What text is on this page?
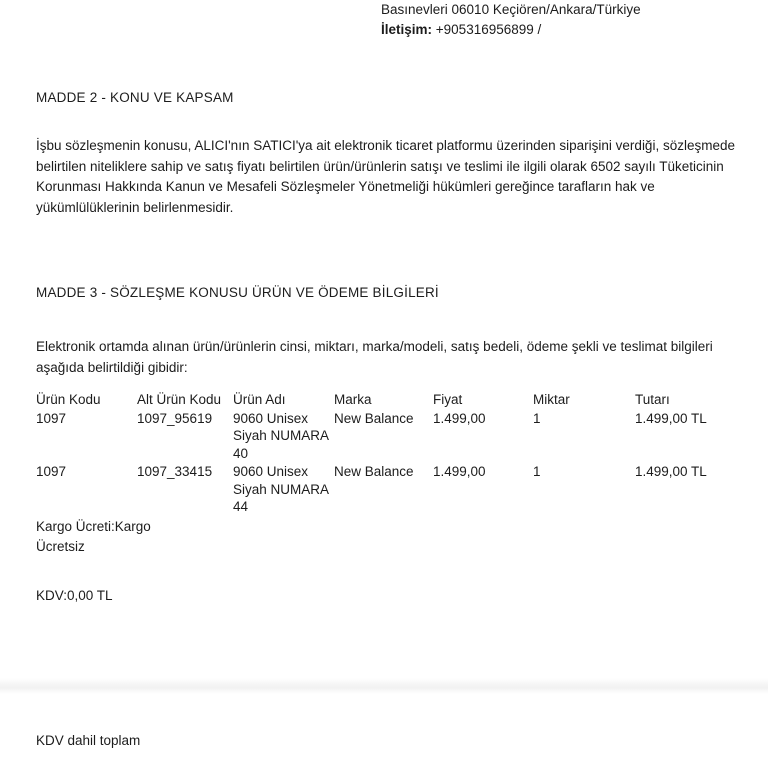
Basınevleri 06010 Keçiören/Ankara/Türkiye
İletişim: +905316956899 /
MADDE 2 - KONU VE KAPSAM
İşbu sözleşmenin konusu, ALICI'nın SATICI'ya ait elektronik ticaret platformu üzerinden siparişini verdiği, sözleşmede belirtilen niteliklere sahip ve satış fiyatı belirtilen ürün/ürünlerin satışı ve teslimi ile ilgili olarak 6502 sayılı Tüketicinin Korunması Hakkında Kanun ve Mesafeli Sözleşmeler Yönetmeliği hükümleri gereğince tarafların hak ve yükümlülüklerinin belirlenmesidir.
MADDE 3 - SÖZLEŞME KONUSU ÜRÜN VE ÖDEME BİLGİLERİ
Elektronik ortamda alınan ürün/ürünlerin cinsi, miktarı, marka/modeli, satış bedeli, ödeme şekli ve teslimat bilgileri aşağıda belirtildiği gibidir:
Ürün Kodu	Alt Ürün Kodu	Ürün Adı	Marka	Fiyat	Miktar	Tutarı
1097	1097_95619	9060 Unisex Siyah NUMARA 40	New Balance	1.499,00	1	1.499,00 TL
1097	1097_33415	9060 Unisex Siyah NUMARA 44	New Balance	1.499,00	1	1.499,00 TL
Kargo Ücreti:Kargo Ücretsiz
KDV:0,00 TL
KDV dahil toplam
